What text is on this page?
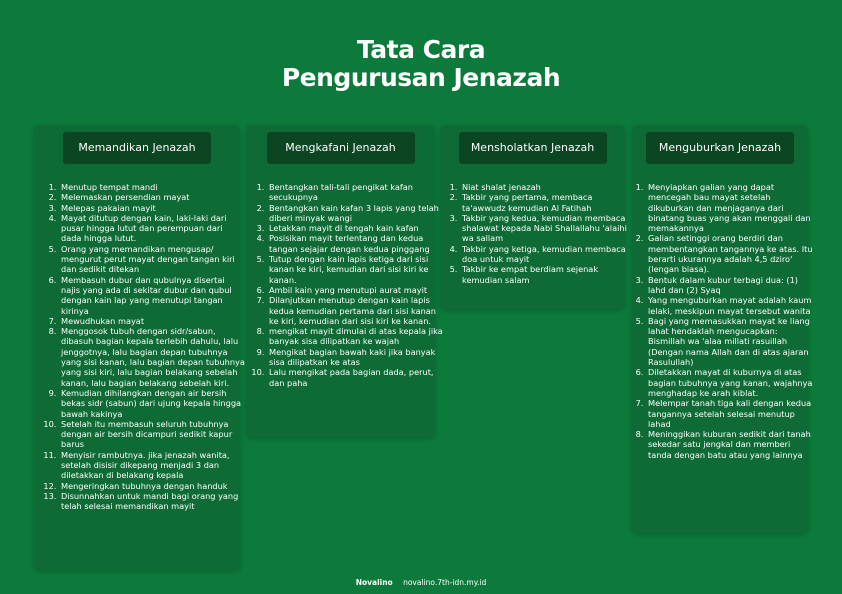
Tata Cara
Pengurusan Jenazah
Memandikan Jenazah
1. Menutup tempat mandi
2. Melemaskan persendian mayat
3. Melepas pakaian mayit
4. Mayat ditutup dengan kain, laki-laki dari pusar hingga lutut dan perempuan dari dada hingga lutut.
5. Orang yang memandikan mengusap/ mengurut perut mayat dengan tangan kiri dan sedikit ditekan
6. Membasuh dubur dan qubulnya disertai najis yang ada di sekitar dubur dan qubul dengan kain lap yang menutupi tangan kirinya
7. Mewudhukan mayat
8. Menggosok tubuh dengan sidr/sabun, dibasuh bagian kepala terlebih dahulu, lalu jenggotnya, lalu bagian depan tubuhnya yang sisi kanan, lalu bagian depan tubuhnya yang sisi kiri, lalu bagian belakang sebelah kanan, lalu bagian belakang sebelah kiri.
9. Kemudian dihilangkan dengan air bersih bekas sidr (sabun) dari ujung kepala hingga bawah kakinya
10. Setelah itu membasuh seluruh tubuhnya dengan air bersih dicampuri sedikit kapur barus
11. Menyisir rambutnya. jika jenazah wanita, setelah disisir dikepang menjadi 3 dan diletakkan di belakang kepala
12. Mengeringkan tubuhnya dengan handuk
13. Disunnahkan untuk mandi bagi orang yang telah selesai memandikan mayit
Mengkafani Jenazah
1. Bentangkan tali-tali pengikat kafan secukupnya
2. Bentangkan kain kafan 3 lapis yang telah diberi minyak wangi
3. Letakkan mayit di tengah kain kafan
4. Posisikan mayit terlentang dan kedua tangan sejajar dengan kedua pinggang
5. Tutup dengan kain lapis ketiga dari sisi kanan ke kiri, kemudian dari sisi kiri ke kanan.
6. Ambil kain yang menutupi aurat mayit
7. Dilanjutkan menutup dengan kain lapis kedua kemudian pertama dari sisi kanan ke kiri, kemudian dari sisi kiri ke kanan.
8. mengikat mayit dimulai di atas kepala jika banyak sisa dilipatkan ke wajah
9. Mengikat bagian bawah kaki jika banyak sisa dilipatkan ke atas
10. Lalu mengikat pada bagian dada, perut, dan paha
Mensholatkan Jenazah
1. Niat shalat jenazah
2. Takbir yang pertama, membaca ta'awwudz kemudian Al Fatihah
3. Takbir yang kedua, kemudian membaca shalawat kepada Nabi Shallallahu 'alaihi wa sallam
4. Takbir yang ketiga, kemudian membaca doa untuk mayit
5. Takbir ke empat berdiam sejenak kemudian salam
Menguburkan Jenazah
1. Menyiapkan galian yang dapat mencegah bau mayat setelah dikuburkan dan menjaganya dari binatang buas yang akan menggali dan memakannya
2. Galian setinggi orang berdiri dan membentangkan tangannya ke atas. Itu berarti ukurannya adalah 4,5 dziro' (lengan biasa).
3. Bentuk dalam kubur terbagi dua: (1) lahd dan (2) Syaq
4. Yang menguburkan mayat adalah kaum lelaki, meskipun mayat tersebut wanita
5. Bagi yang memasukkan mayat ke liang lahat hendaklah mengucapkan: Bismillah wa 'alaa millati rasuillah (Dengan nama Allah dan di atas ajaran Rasulullah)
6. Diletakkan mayat di kuburnya di atas bagian tubuhnya yang kanan, wajahnya menghadap ke arah kiblat.
7. Melempar tanah tiga kali dengan kedua tangannya setelah selesai menutup lahad
8. Meninggikan kuburan sedikit dari tanah sekedar satu jengkal dan memberi tanda dengan batu atau yang lainnya
Novalino novalino.7th-idn.my.id
